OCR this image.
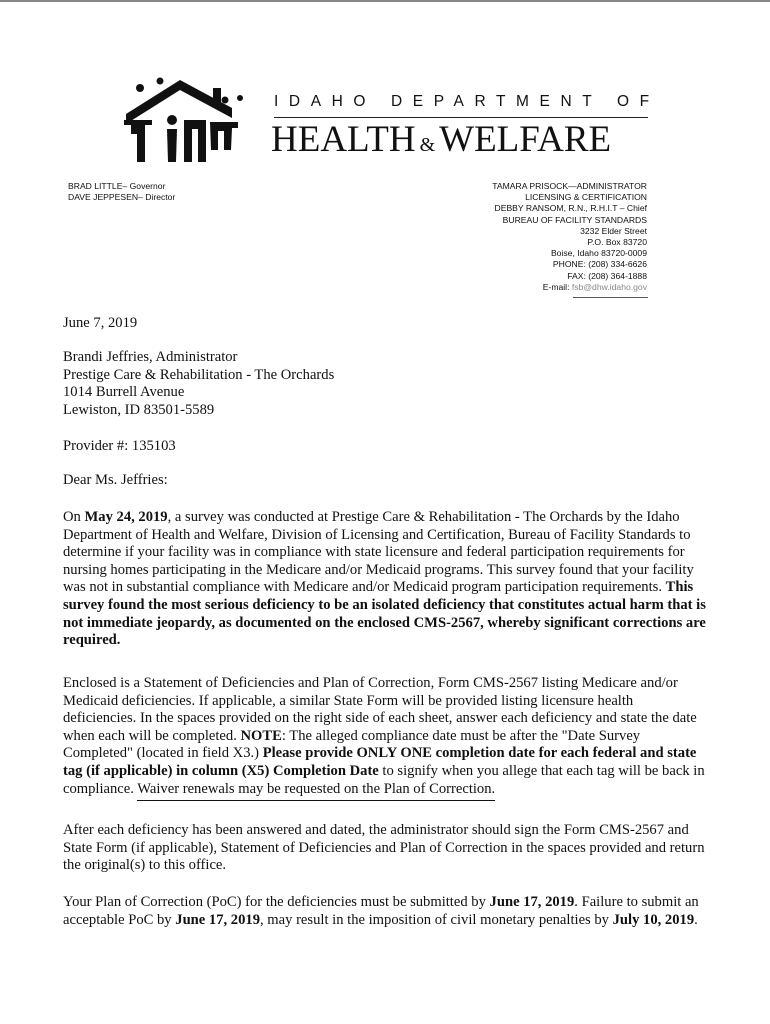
IDAHO DEPARTMENT OF
HEALTH & WELFARE
BRAD LITTLE– Governor
DAVE JEPPESEN– Director
TAMARA PRISOCK—ADMINISTRATOR
LICENSING & CERTIFICATION
DEBBY RANSOM, R.N., R.H.I.T – Chief
BUREAU OF FACILITY STANDARDS
3232 Elder Street
P.O. Box 83720
Boise, Idaho 83720-0009
PHONE: (208) 334-6626
FAX: (208) 364-1888
E-mail: fsb@dhw.idaho.gov

June 7, 2019

Brandi Jeffries, Administrator
Prestige Care & Rehabilitation - The Orchards
1014 Burrell Avenue
Lewiston, ID 83501-5589

Provider #: 135103

Dear Ms. Jeffries:

On May 24, 2019, a survey was conducted at Prestige Care & Rehabilitation - The Orchards by the Idaho Department of Health and Welfare, Division of Licensing and Certification, Bureau of Facility Standards to determine if your facility was in compliance with state licensure and federal participation requirements for nursing homes participating in the Medicare and/or Medicaid programs. This survey found that your facility was not in substantial compliance with Medicare and/or Medicaid program participation requirements. This survey found the most serious deficiency to be an isolated deficiency that constitutes actual harm that is not immediate jeopardy, as documented on the enclosed CMS-2567, whereby significant corrections are required.

Enclosed is a Statement of Deficiencies and Plan of Correction, Form CMS-2567 listing Medicare and/or Medicaid deficiencies. If applicable, a similar State Form will be provided listing licensure health deficiencies. In the spaces provided on the right side of each sheet, answer each deficiency and state the date when each will be completed. NOTE: The alleged compliance date must be after the "Date Survey Completed" (located in field X3.) Please provide ONLY ONE completion date for each federal and state tag (if applicable) in column (X5) Completion Date to signify when you allege that each tag will be back in compliance. Waiver renewals may be requested on the Plan of Correction.

After each deficiency has been answered and dated, the administrator should sign the Form CMS-2567 and State Form (if applicable), Statement of Deficiencies and Plan of Correction in the spaces provided and return the original(s) to this office.

Your Plan of Correction (PoC) for the deficiencies must be submitted by June 17, 2019. Failure to submit an acceptable PoC by June 17, 2019, may result in the imposition of civil monetary penalties by July 10, 2019.
